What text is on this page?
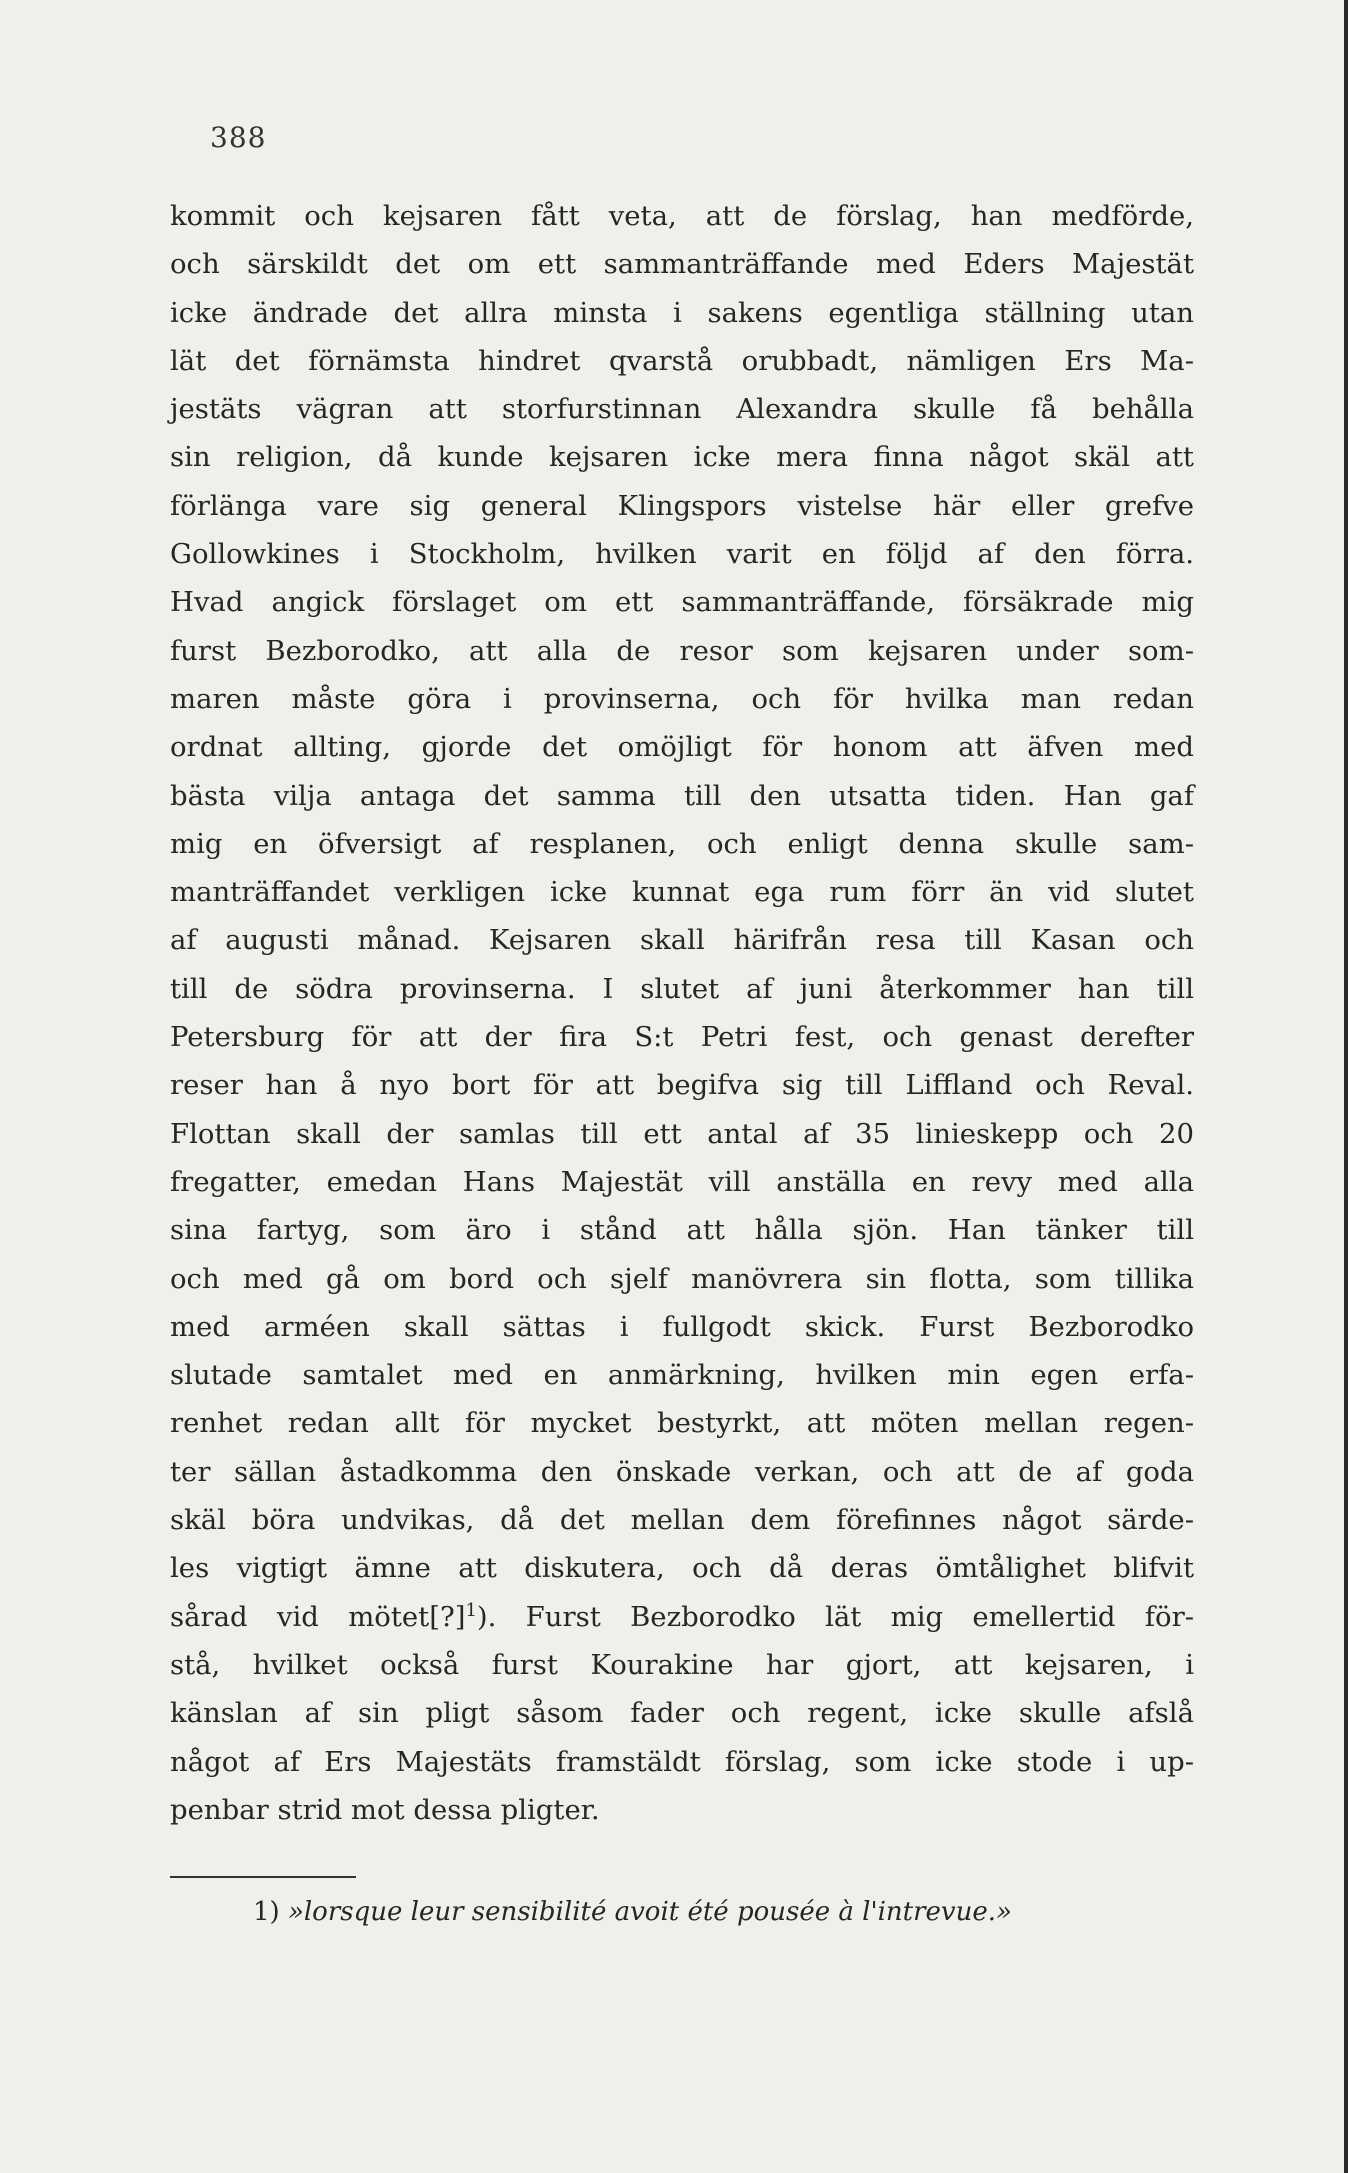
388
kommit och kejsaren fått veta, att de förslag, han medförde,
och särskildt det om ett sammanträffande med Eders Majestät
icke ändrade det allra minsta i sakens egentliga ställning utan
lät det förnämsta hindret qvarstå orubbadt, nämligen Ers Ma-
jestäts vägran att storfurstinnan Alexandra skulle få behålla
sin religion, då kunde kejsaren icke mera finna något skäl att
förlänga vare sig general Klingspors vistelse här eller grefve
Gollowkines i Stockholm, hvilken varit en följd af den förra.
Hvad angick förslaget om ett sammanträffande, försäkrade mig
furst Bezborodko, att alla de resor som kejsaren under som-
maren måste göra i provinserna, och för hvilka man redan
ordnat allting, gjorde det omöjligt för honom att äfven med
bästa vilja antaga det samma till den utsatta tiden. Han gaf
mig en öfversigt af resplanen, och enligt denna skulle sam-
manträffandet verkligen icke kunnat ega rum förr än vid slutet
af augusti månad. Kejsaren skall härifrån resa till Kasan och
till de södra provinserna. I slutet af juni återkommer han till
Petersburg för att der fira S:t Petri fest, och genast derefter
reser han å nyo bort för att begifva sig till Liffland och Reval.
Flottan skall der samlas till ett antal af 35 linieskepp och 20
fregatter, emedan Hans Majestät vill anställa en revy med alla
sina fartyg, som äro i stånd att hålla sjön. Han tänker till
och med gå om bord och sjelf manövrera sin flotta, som tillika
med arméen skall sättas i fullgodt skick. Furst Bezborodko
slutade samtalet med en anmärkning, hvilken min egen erfa-
renhet redan allt för mycket bestyrkt, att möten mellan regen-
ter sällan åstadkomma den önskade verkan, och att de af goda
skäl böra undvikas, då det mellan dem förefinnes något särde-
les vigtigt ämne att diskutera, och då deras ömtålighet blifvit
sårad vid mötet[?]$^1$). Furst Bezborodko lät mig emellertid för-
stå, hvilket också furst Kourakine har gjort, att kejsaren, i
känslan af sin pligt såsom fader och regent, icke skulle afslå
något af Ers Majestäts framstäldt förslag, som icke stode i up-
penbar strid mot dessa pligter.
1) »lorsque leur sensibilité avoit été pousée à l'intrevue.»
